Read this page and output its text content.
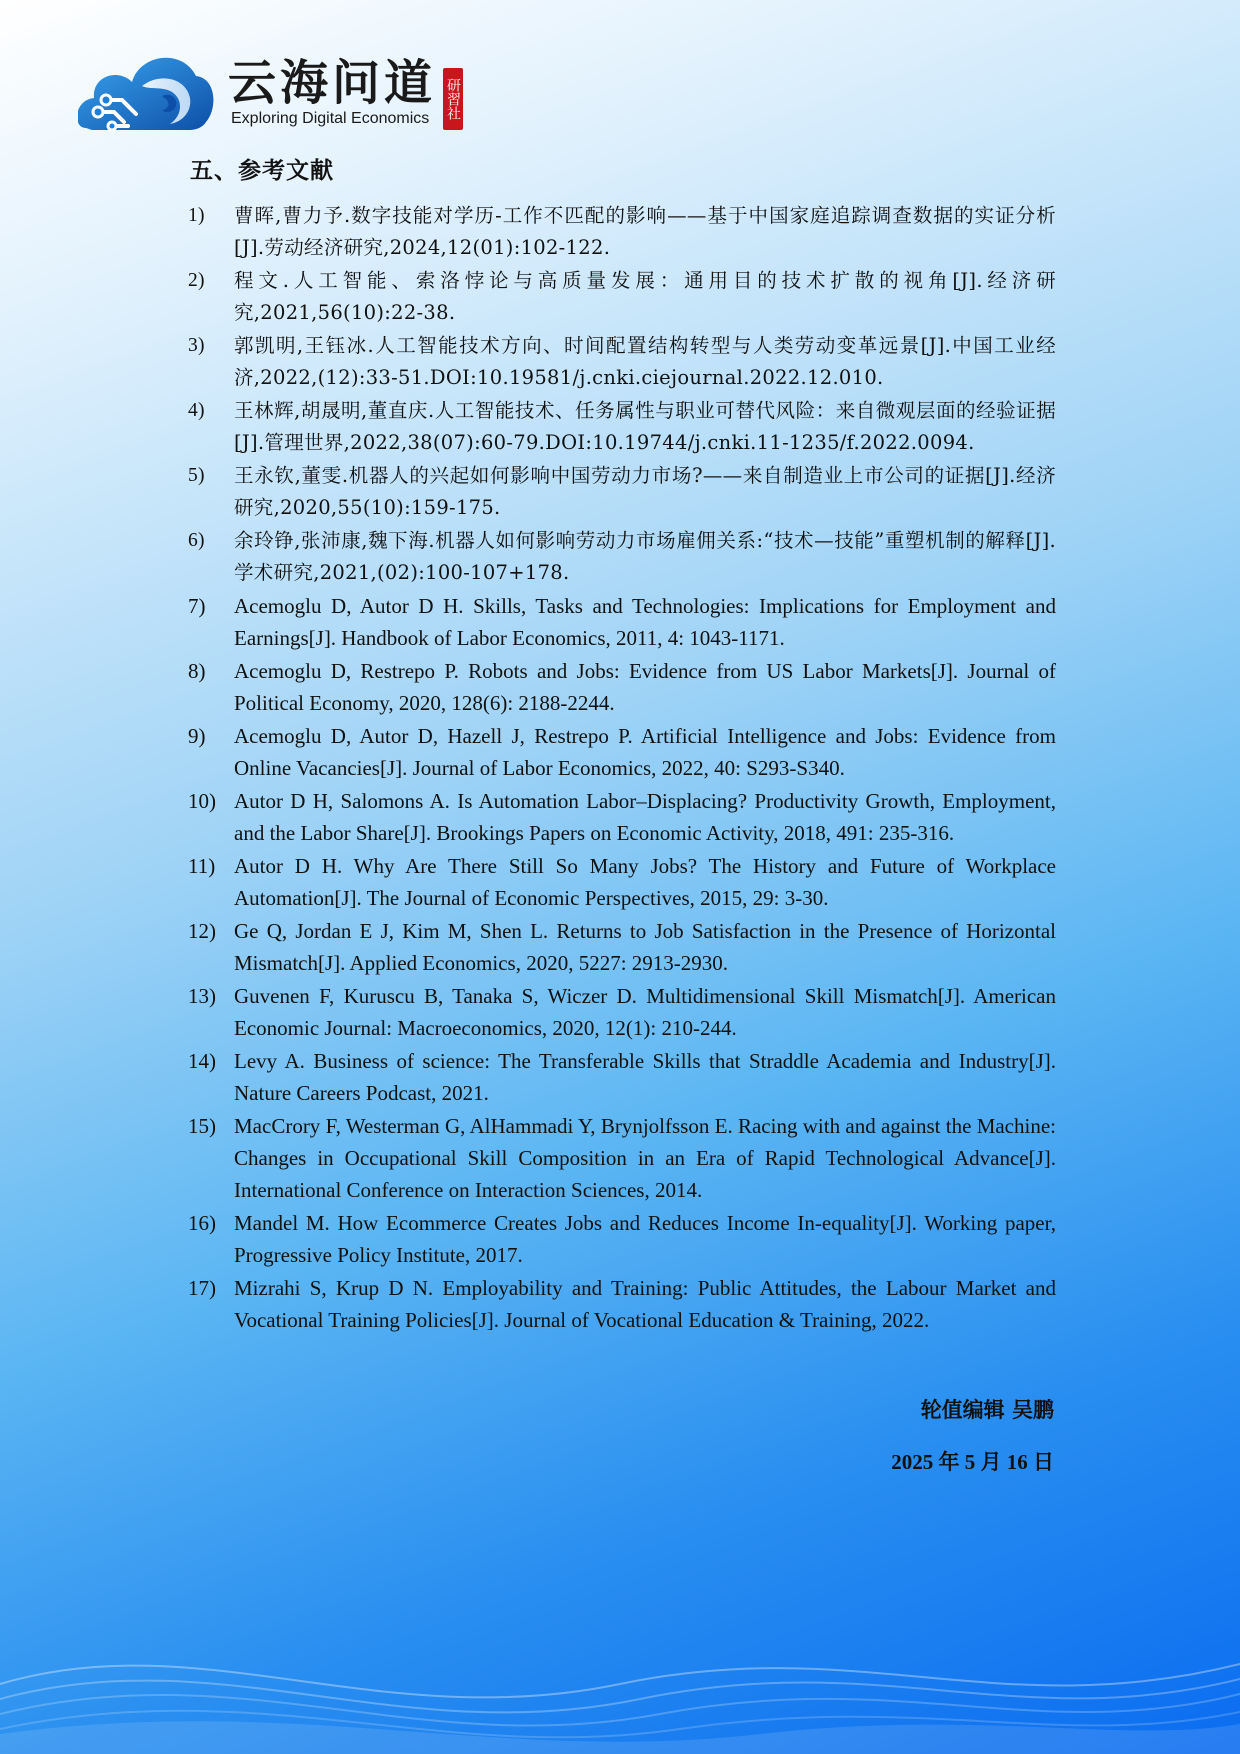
云海问道
Exploring Digital Economics 研習社
五、参考文献
1) 曹晖,曹力予.数字技能对学历-工作不匹配的影响——基于中国家庭追踪调查数据的实证分析[J].劳动经济研究,2024,12(01):102-122.
2) 程文.人工智能、索洛悖论与高质量发展：通用目的技术扩散的视角[J].经济研究,2021,56(10):22-38.
3) 郭凯明,王钰冰.人工智能技术方向、时间配置结构转型与人类劳动变革远景[J].中国工业经济,2022,(12):33-51.DOI:10.19581/j.cnki.ciejournal.2022.12.010.
4) 王林辉,胡晟明,董直庆.人工智能技术、任务属性与职业可替代风险：来自微观层面的经验证据[J].管理世界,2022,38(07):60-79.DOI:10.19744/j.cnki.11-1235/f.2022.0094.
5) 王永钦,董雯.机器人的兴起如何影响中国劳动力市场?——来自制造业上市公司的证据[J].经济研究,2020,55(10):159-175.
6) 余玲铮,张沛康,魏下海.机器人如何影响劳动力市场雇佣关系:“技术—技能”重塑机制的解释[J].学术研究,2021,(02):100-107+178.
7) Acemoglu D, Autor D H. Skills, Tasks and Technologies: Implications for Employment and Earnings[J]. Handbook of Labor Economics, 2011, 4: 1043-1171.
8) Acemoglu D, Restrepo P. Robots and Jobs: Evidence from US Labor Markets[J]. Journal of Political Economy, 2020, 128(6): 2188-2244.
9) Acemoglu D, Autor D, Hazell J, Restrepo P. Artificial Intelligence and Jobs: Evidence from Online Vacancies[J]. Journal of Labor Economics, 2022, 40: S293-S340.
10) Autor D H, Salomons A. Is Automation Labor–Displacing? Productivity Growth, Employment, and the Labor Share[J]. Brookings Papers on Economic Activity, 2018, 491: 235-316.
11) Autor D H. Why Are There Still So Many Jobs? The History and Future of Workplace Automation[J]. The Journal of Economic Perspectives, 2015, 29: 3-30.
12) Ge Q, Jordan E J, Kim M, Shen L. Returns to Job Satisfaction in the Presence of Horizontal Mismatch[J]. Applied Economics, 2020, 5227: 2913-2930.
13) Guvenen F, Kuruscu B, Tanaka S, Wiczer D. Multidimensional Skill Mismatch[J]. American Economic Journal: Macroeconomics, 2020, 12(1): 210-244.
14) Levy A. Business of science: The Transferable Skills that Straddle Academia and Industry[J]. Nature Careers Podcast, 2021.
15) MacCrory F, Westerman G, AlHammadi Y, Brynjolfsson E. Racing with and against the Machine: Changes in Occupational Skill Composition in an Era of Rapid Technological Advance[J]. International Conference on Interaction Sciences, 2014.
16) Mandel M. How Ecommerce Creates Jobs and Reduces Income In-equality[J]. Working paper, Progressive Policy Institute, 2017.
17) Mizrahi S, Krup D N. Employability and Training: Public Attitudes, the Labour Market and Vocational Training Policies[J]. Journal of Vocational Education & Training, 2022.
轮值编辑 吴鹏
2025 年 5 月 16 日
